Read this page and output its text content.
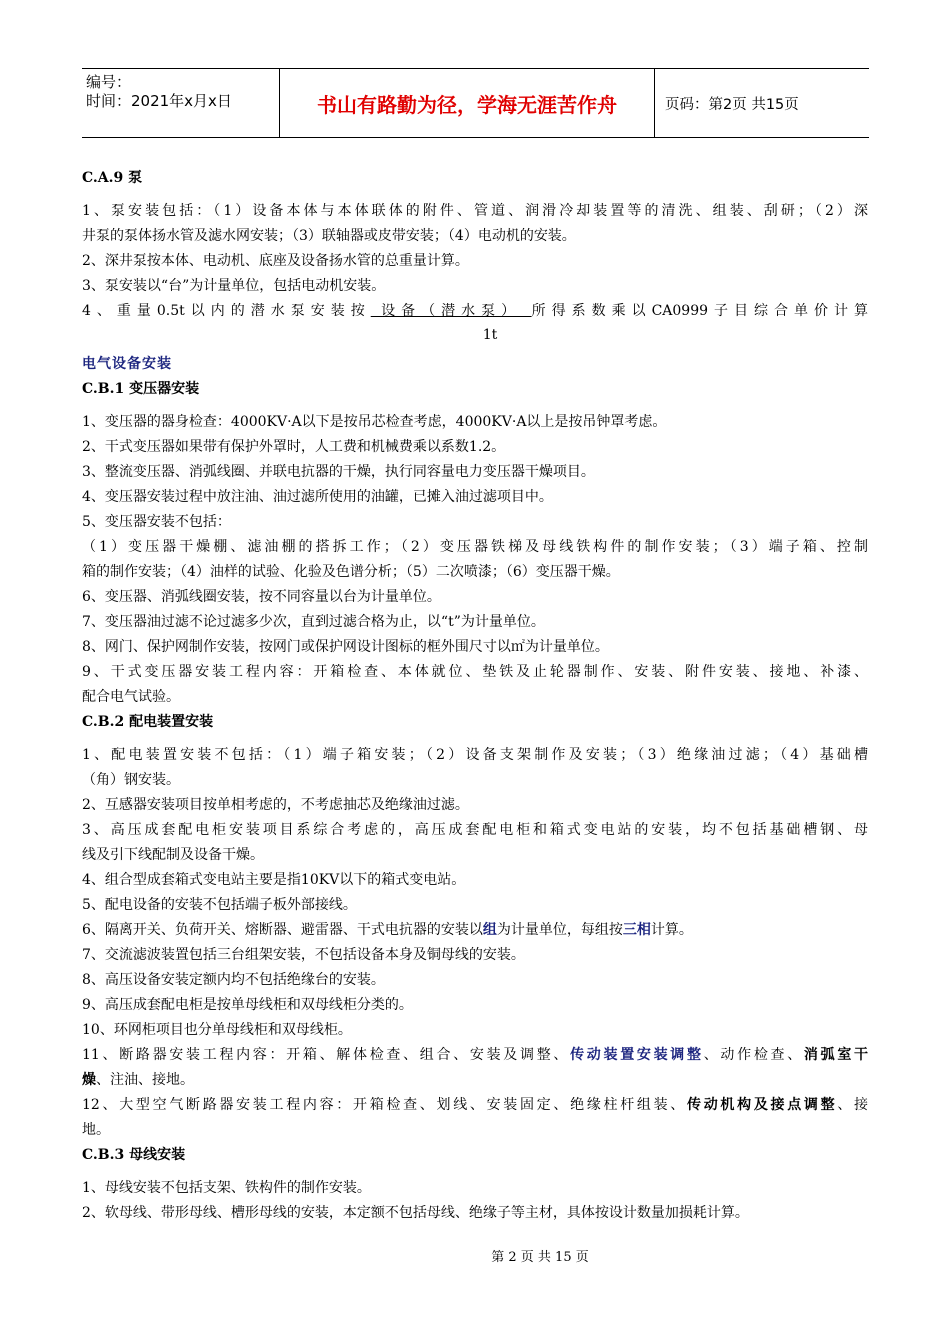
编号：
时间：2021年x月x日	书山有路勤为径，学海无涯苦作舟	页码：第2页 共15页
C.A.9 泵
1、泵安装包括：（1）设备本体与本体联体的附件、管道、润滑冷却装置等的清洗、组装、刮研；（2）深
井泵的泵体扬水管及滤水网安装；（3）联轴器或皮带安装；（4）电动机的安装。
2、深井泵按本体、电动机、底座及设备扬水管的总重量计算。
3、泵安装以“台”为计量单位，包括电动机安装。
4、重量0.5t以内的潜水泵安装按 设备（潜水泵） 所得系数乘以CA0999子目综合单价计算
1t
电气设备安装
C.B.1 变压器安装
1、变压器的器身检查：4000KV·A以下是按吊芯检查考虑，4000KV·A以上是按吊钟罩考虑。
2、干式变压器如果带有保护外罩时，人工费和机械费乘以系数1.2。
3、整流变压器、消弧线圈、并联电抗器的干燥，执行同容量电力变压器干燥项目。
4、变压器安装过程中放注油、油过滤所使用的油罐，已摊入油过滤项目中。
5、变压器安装不包括：
（1）变压器干燥棚、滤油棚的搭拆工作；（2）变压器铁梯及母线铁构件的制作安装；（3）端子箱、控制
箱的制作安装；（4）油样的试验、化验及色谱分析；（5）二次喷漆；（6）变压器干燥。
6、变压器、消弧线圈安装，按不同容量以台为计量单位。
7、变压器油过滤不论过滤多少次，直到过滤合格为止，以“t”为计量单位。
8、网门、保护网制作安装，按网门或保护网设计图标的框外围尺寸以㎡为计量单位。
9、干式变压器安装工程内容：开箱检查、本体就位、垫铁及止轮器制作、安装、附件安装、接地、补漆、
配合电气试验。
C.B.2 配电装置安装
1、配电装置安装不包括：（1）端子箱安装；（2）设备支架制作及安装；（3）绝缘油过滤；（4）基础槽
（角）钢安装。
2、互感器安装项目按单相考虑的，不考虑抽芯及绝缘油过滤。
3、高压成套配电柜安装项目系综合考虑的，高压成套配电柜和箱式变电站的安装，均不包括基础槽钢、母
线及引下线配制及设备干燥。
4、组合型成套箱式变电站主要是指10KV以下的箱式变电站。
5、配电设备的安装不包括端子板外部接线。
6、隔离开关、负荷开关、熔断器、避雷器、干式电抗器的安装以组为计量单位，每组按三相计算。
7、交流滤波装置包括三台组架安装，不包括设备本身及铜母线的安装。
8、高压设备安装定额内均不包括绝缘台的安装。
9、高压成套配电柜是按单母线柜和双母线柜分类的。
10、环网柜项目也分单母线柜和双母线柜。
11、断路器安装工程内容：开箱、解体检查、组合、安装及调整、传动装置安装调整、动作检查、消弧室干
燥、注油、接地。
12、大型空气断路器安装工程内容：开箱检查、划线、安装固定、绝缘柱杆组装、传动机构及接点调整、接
地。
C.B.3 母线安装
1、母线安装不包括支架、铁构件的制作安装。
2、软母线、带形母线、槽形母线的安装，本定额不包括母线、绝缘子等主材，具体按设计数量加损耗计算。
第 2 页 共 15 页
